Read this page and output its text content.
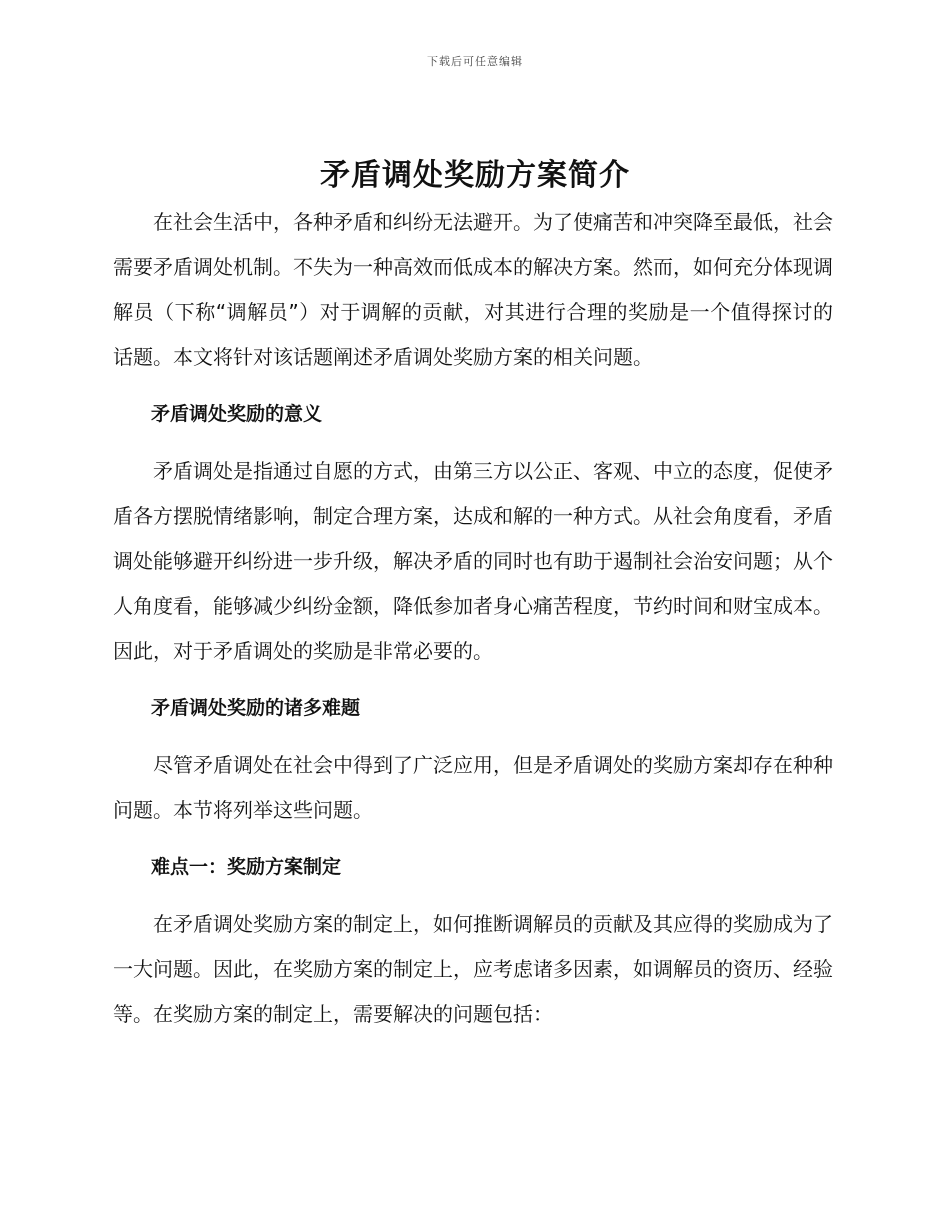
下载后可任意编辑
矛盾调处奖励方案简介

在社会生活中，各种矛盾和纠纷无法避开。为了使痛苦和冲突降至最低，社会需要矛盾调处机制。不失为一种高效而低成本的解决方案。然而，如何充分体现调解员（下称“调解员”）对于调解的贡献，对其进行合理的奖励是一个值得探讨的话题。本文将针对该话题阐述矛盾调处奖励方案的相关问题。

矛盾调处奖励的意义

矛盾调处是指通过自愿的方式，由第三方以公正、客观、中立的态度，促使矛盾各方摆脱情绪影响，制定合理方案，达成和解的一种方式。从社会角度看，矛盾调处能够避开纠纷进一步升级，解决矛盾的同时也有助于遏制社会治安问题；从个人角度看，能够减少纠纷金额，降低参加者身心痛苦程度，节约时间和财宝成本。因此，对于矛盾调处的奖励是非常必要的。

矛盾调处奖励的诸多难题

尽管矛盾调处在社会中得到了广泛应用，但是矛盾调处的奖励方案却存在种种问题。本节将列举这些问题。

难点一：奖励方案制定

在矛盾调处奖励方案的制定上，如何推断调解员的贡献及其应得的奖励成为了一大问题。因此，在奖励方案的制定上，应考虑诸多因素，如调解员的资历、经验等。在奖励方案的制定上，需要解决的问题包括：
